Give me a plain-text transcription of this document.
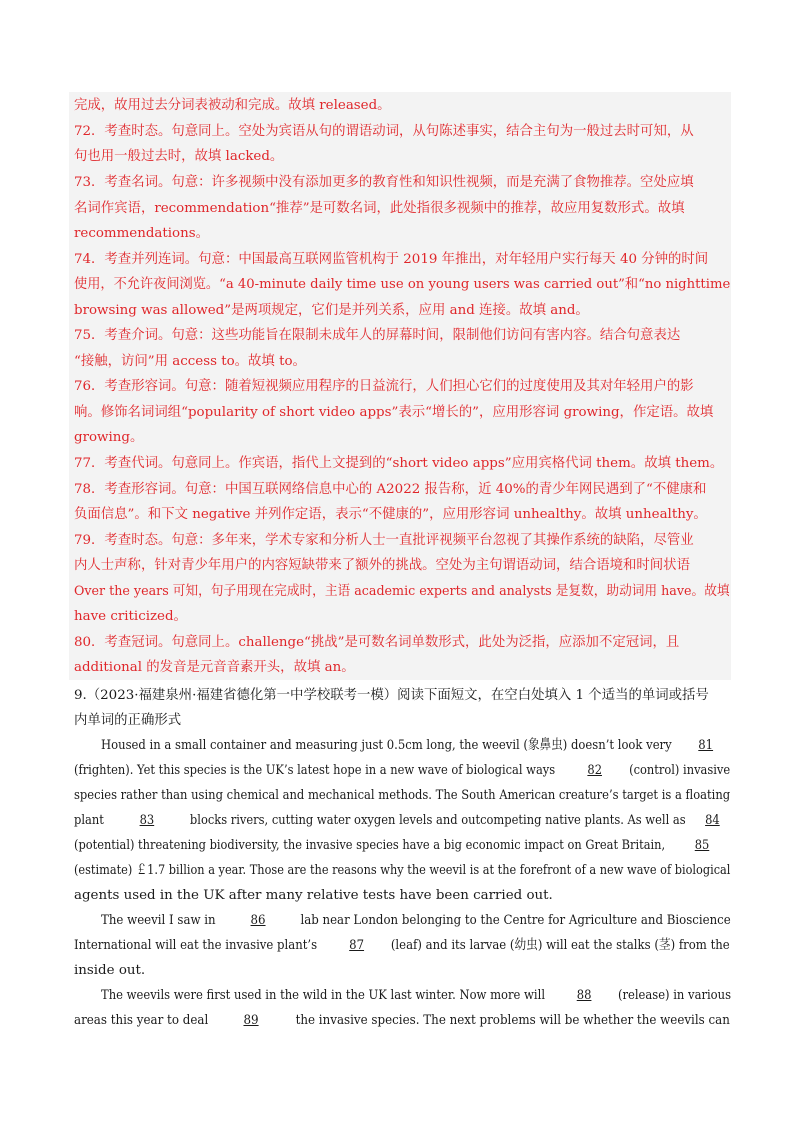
完成，故用过去分词表被动和完成。故填 released。
72．考查时态。句意同上。空处为宾语从句的谓语动词，从句陈述事实，结合主句为一般过去时可知，从
句也用一般过去时，故填 lacked。
73．考查名词。句意：许多视频中没有添加更多的教育性和知识性视频，而是充满了食物推荐。空处应填
名词作宾语，recommendation“推荐”是可数名词，此处指很多视频中的推荐，故应用复数形式。故填
recommendations。
74．考查并列连词。句意：中国最高互联网监管机构于 2019 年推出，对年轻用户实行每天 40 分钟的时间
使用，不允许夜间浏览。“a 40-minute daily time use on young users was carried out”和“no nighttime
browsing was allowed”是两项规定，它们是并列关系，应用 and 连接。故填 and。
75．考查介词。句意：这些功能旨在限制未成年人的屏幕时间，限制他们访问有害内容。结合句意表达
“接触，访问”用 access to。故填 to。
76．考查形容词。句意：随着短视频应用程序的日益流行，人们担心它们的过度使用及其对年轻用户的影
响。修饰名词词组“popularity of short video apps”表示“增长的”，应用形容词 growing，作定语。故填
growing。
77．考查代词。句意同上。作宾语，指代上文提到的“short video apps”应用宾格代词 them。故填 them。
78．考查形容词。句意：中国互联网络信息中心的 A2022 报告称，近 40%的青少年网民遇到了“不健康和
负面信息”。和下文 negative 并列作定语，表示“不健康的”，应用形容词 unhealthy。故填 unhealthy。
79．考查时态。句意：多年来，学术专家和分析人士一直批评视频平台忽视了其操作系统的缺陷，尽管业
内人士声称，针对青少年用户的内容短缺带来了额外的挑战。空处为主句谓语动词，结合语境和时间状语
Over the years 可知，句子用现在完成时，主语 academic experts and analysts 是复数，助动词用 have。故填
have criticized。
80．考查冠词。句意同上。challenge“挑战”是可数名词单数形式，此处为泛指，应添加不定冠词，且
additional 的发音是元音音素开头，故填 an。
9.（2023·福建泉州·福建省德化第一中学校联考一模）阅读下面短文，在空白处填入 1 个适当的单词或括号
内单词的正确形式
Housed in a small container and measuring just 0.5cm long, the weevil (象鼻虫) doesn’t look very 81
(frighten). Yet this species is the UK’s latest hope in a new wave of biological ways 82 (control) invasive
species rather than using chemical and mechanical methods. The South American creature’s target is a floating
plant	83	blocks rivers, cutting water oxygen levels and outcompeting native plants. As well as 84
(potential) threatening biodiversity, the invasive species have a big economic impact on Great Britain, 85
(estimate) ￡1.7 billion a year. Those are the reasons why the weevil is at the forefront of a new wave of biological
agents used in the UK after many relative tests have been carried out.
The weevil I saw in	86	lab near London belonging to the Centre for Agriculture and Bioscience
International will eat the invasive plant’s 87 (leaf) and its larvae (幼虫) will eat the stalks (茎) from the
inside out.
The weevils were first used in the wild in the UK last winter. Now more will 88 (release) in various
areas this year to deal	89	the invasive species. The next problems will be whether the weevils can
